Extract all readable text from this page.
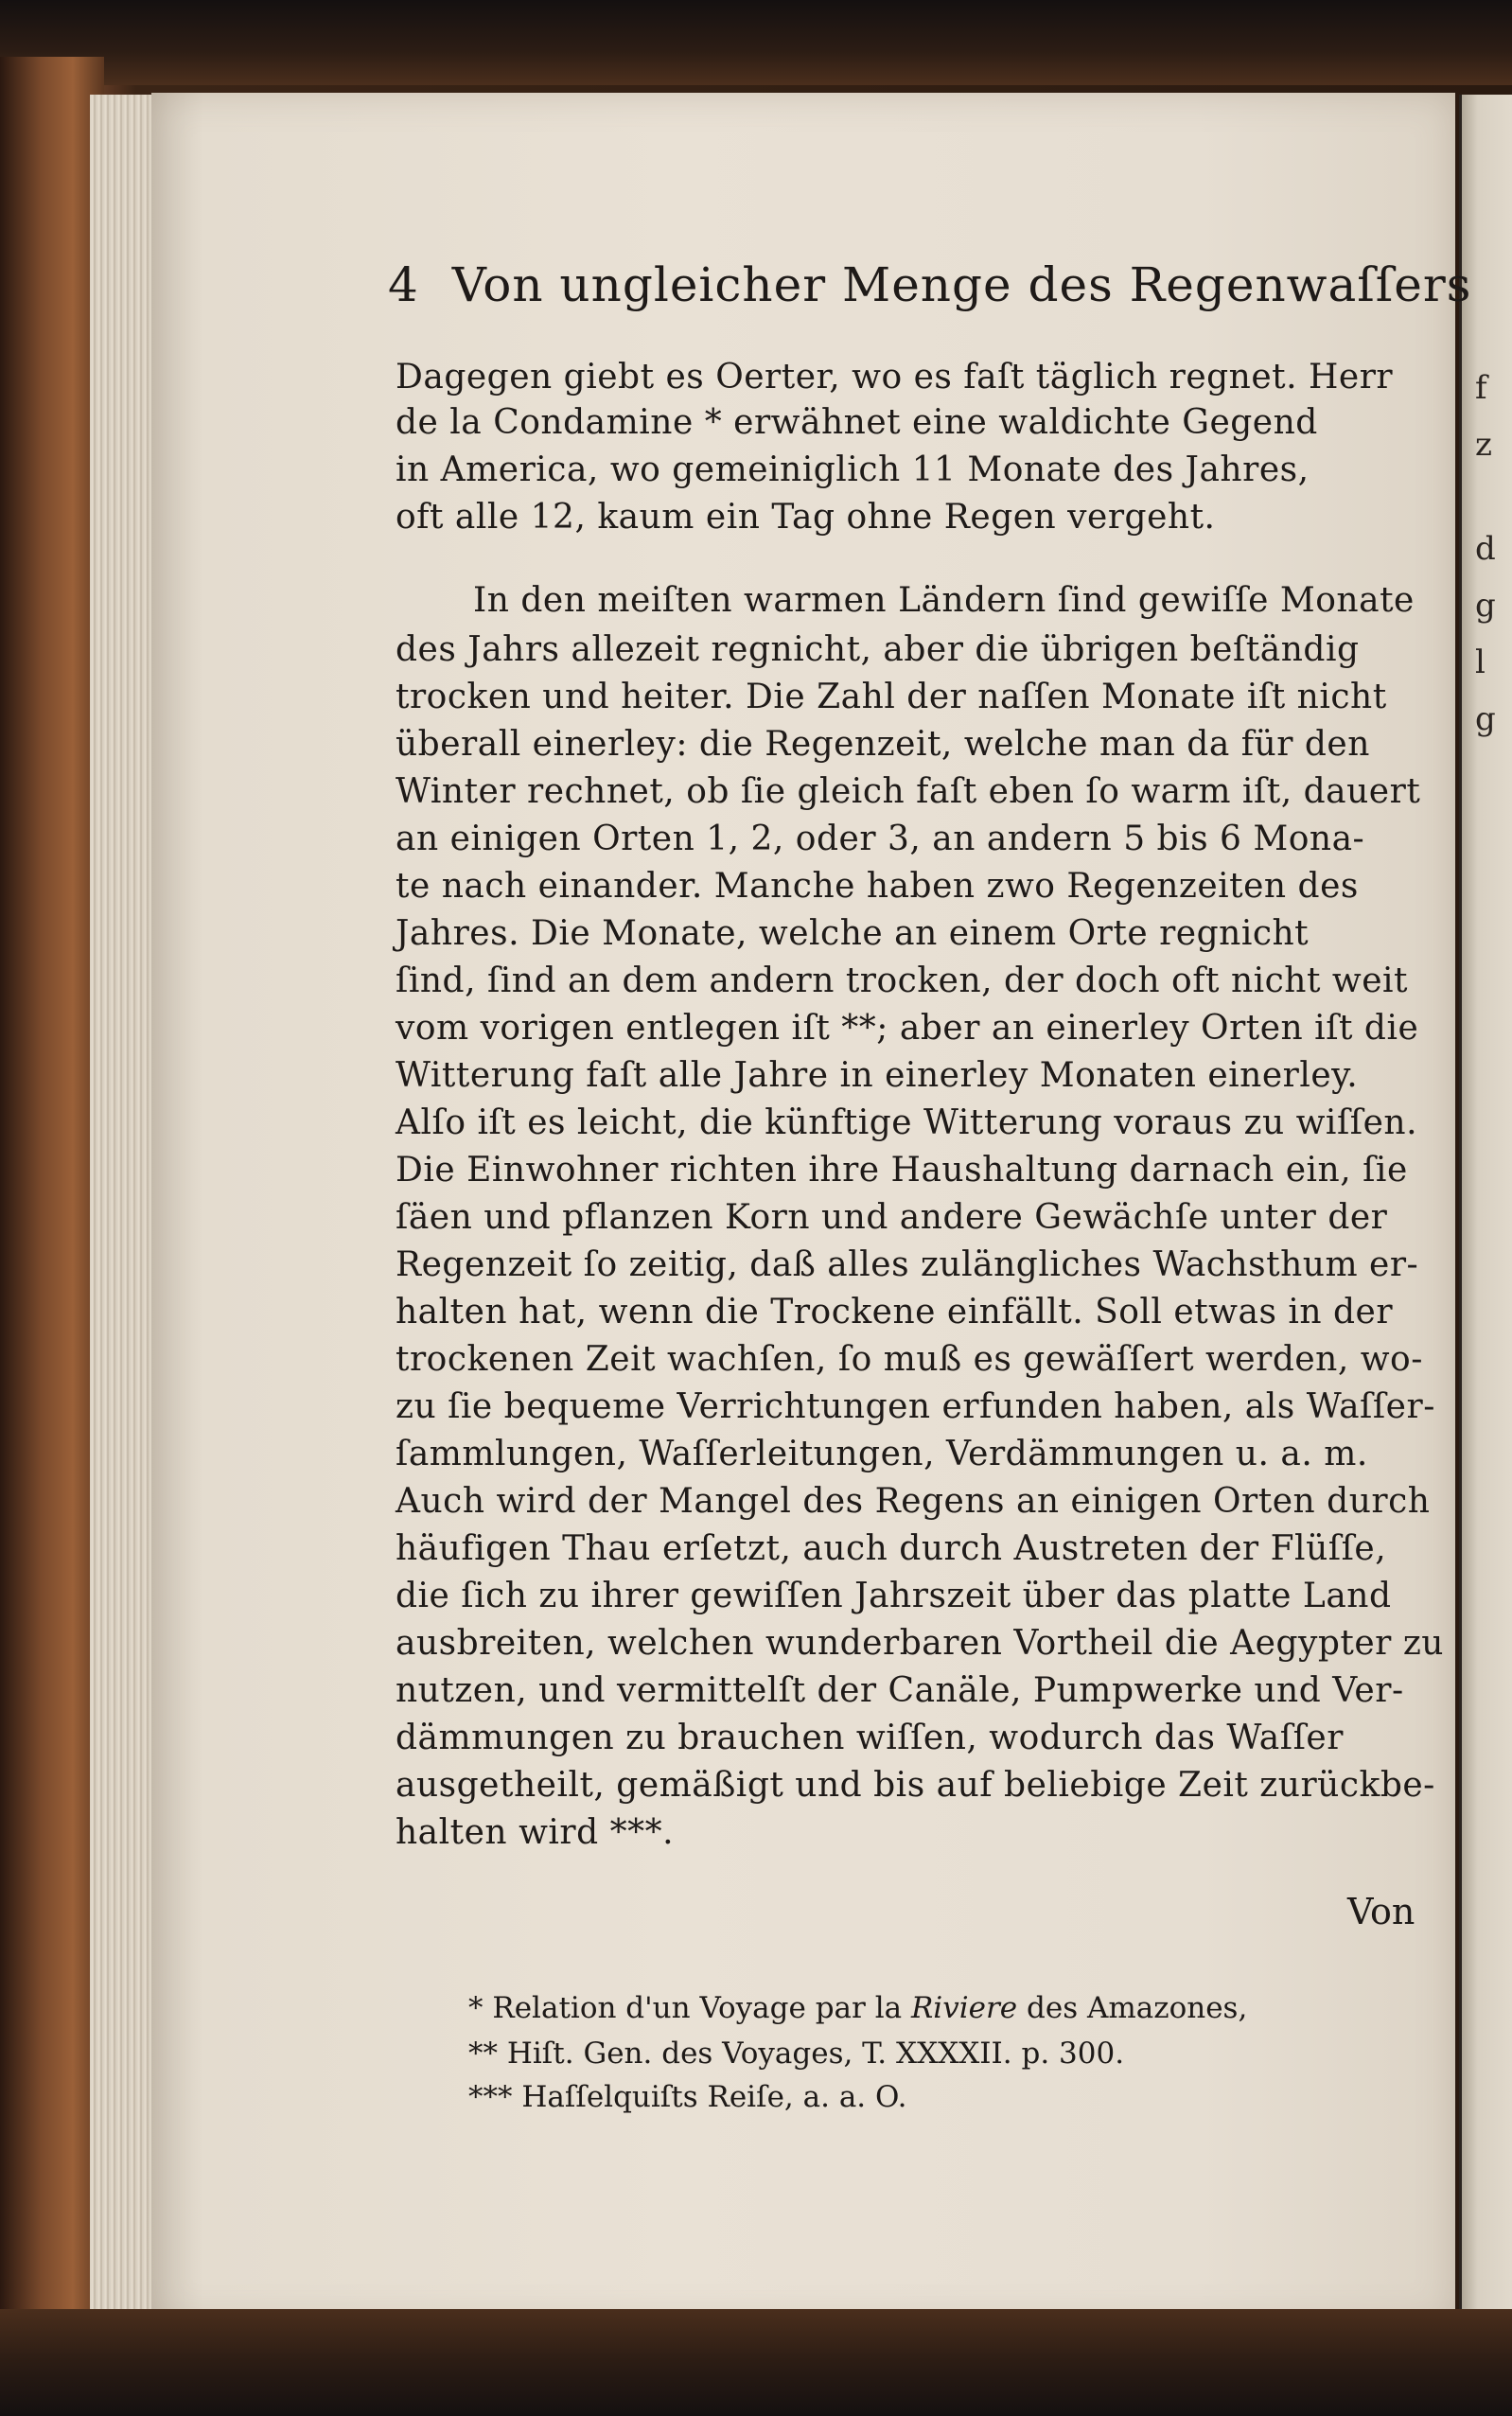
f
z
d
g
l
g
4 Von ungleicher Menge des Regenwaſſers
Dagegen giebt es Oerter, wo es faſt täglich regnet. Herr
de la Condamine * erwähnet eine waldichte Gegend
in America, wo gemeiniglich 11 Monate des Jahres,
oft alle 12, kaum ein Tag ohne Regen vergeht.
In den meiſten warmen Ländern ſind gewiſſe Monate
des Jahrs allezeit regnicht, aber die übrigen beſtändig
trocken und heiter. Die Zahl der naſſen Monate iſt nicht
überall einerley: die Regenzeit, welche man da für den
Winter rechnet, ob ſie gleich faſt eben ſo warm iſt, dauert
an einigen Orten 1, 2, oder 3, an andern 5 bis 6 Mona-
te nach einander. Manche haben zwo Regenzeiten des
Jahres. Die Monate, welche an einem Orte regnicht
ſind, ſind an dem andern trocken, der doch oft nicht weit
vom vorigen entlegen iſt **; aber an einerley Orten iſt die
Witterung faſt alle Jahre in einerley Monaten einerley.
Alſo iſt es leicht, die künftige Witterung voraus zu wiſſen.
Die Einwohner richten ihre Haushaltung darnach ein, ſie
ſäen und pflanzen Korn und andere Gewächſe unter der
Regenzeit ſo zeitig, daß alles zulängliches Wachsthum er-
halten hat, wenn die Trockene einfällt. Soll etwas in der
trockenen Zeit wachſen, ſo muß es gewäſſert werden, wo-
zu ſie bequeme Verrichtungen erfunden haben, als Waſſer-
ſammlungen, Waſſerleitungen, Verdämmungen u. a. m.
Auch wird der Mangel des Regens an einigen Orten durch
häufigen Thau erſetzt, auch durch Austreten der Flüſſe,
die ſich zu ihrer gewiſſen Jahrszeit über das platte Land
ausbreiten, welchen wunderbaren Vortheil die Aegypter zu
nutzen, und vermittelſt der Canäle, Pumpwerke und Ver-
dämmungen zu brauchen wiſſen, wodurch das Waſſer
ausgetheilt, gemäßigt und bis auf beliebige Zeit zurückbe-
halten wird ***.
Von
* Relation d'un Voyage par la Riviere des Amazones,
** Hiſt. Gen. des Voyages, T. XXXXII. p. 300.
*** Haſſelquiſts Reiſe, a. a. O.
